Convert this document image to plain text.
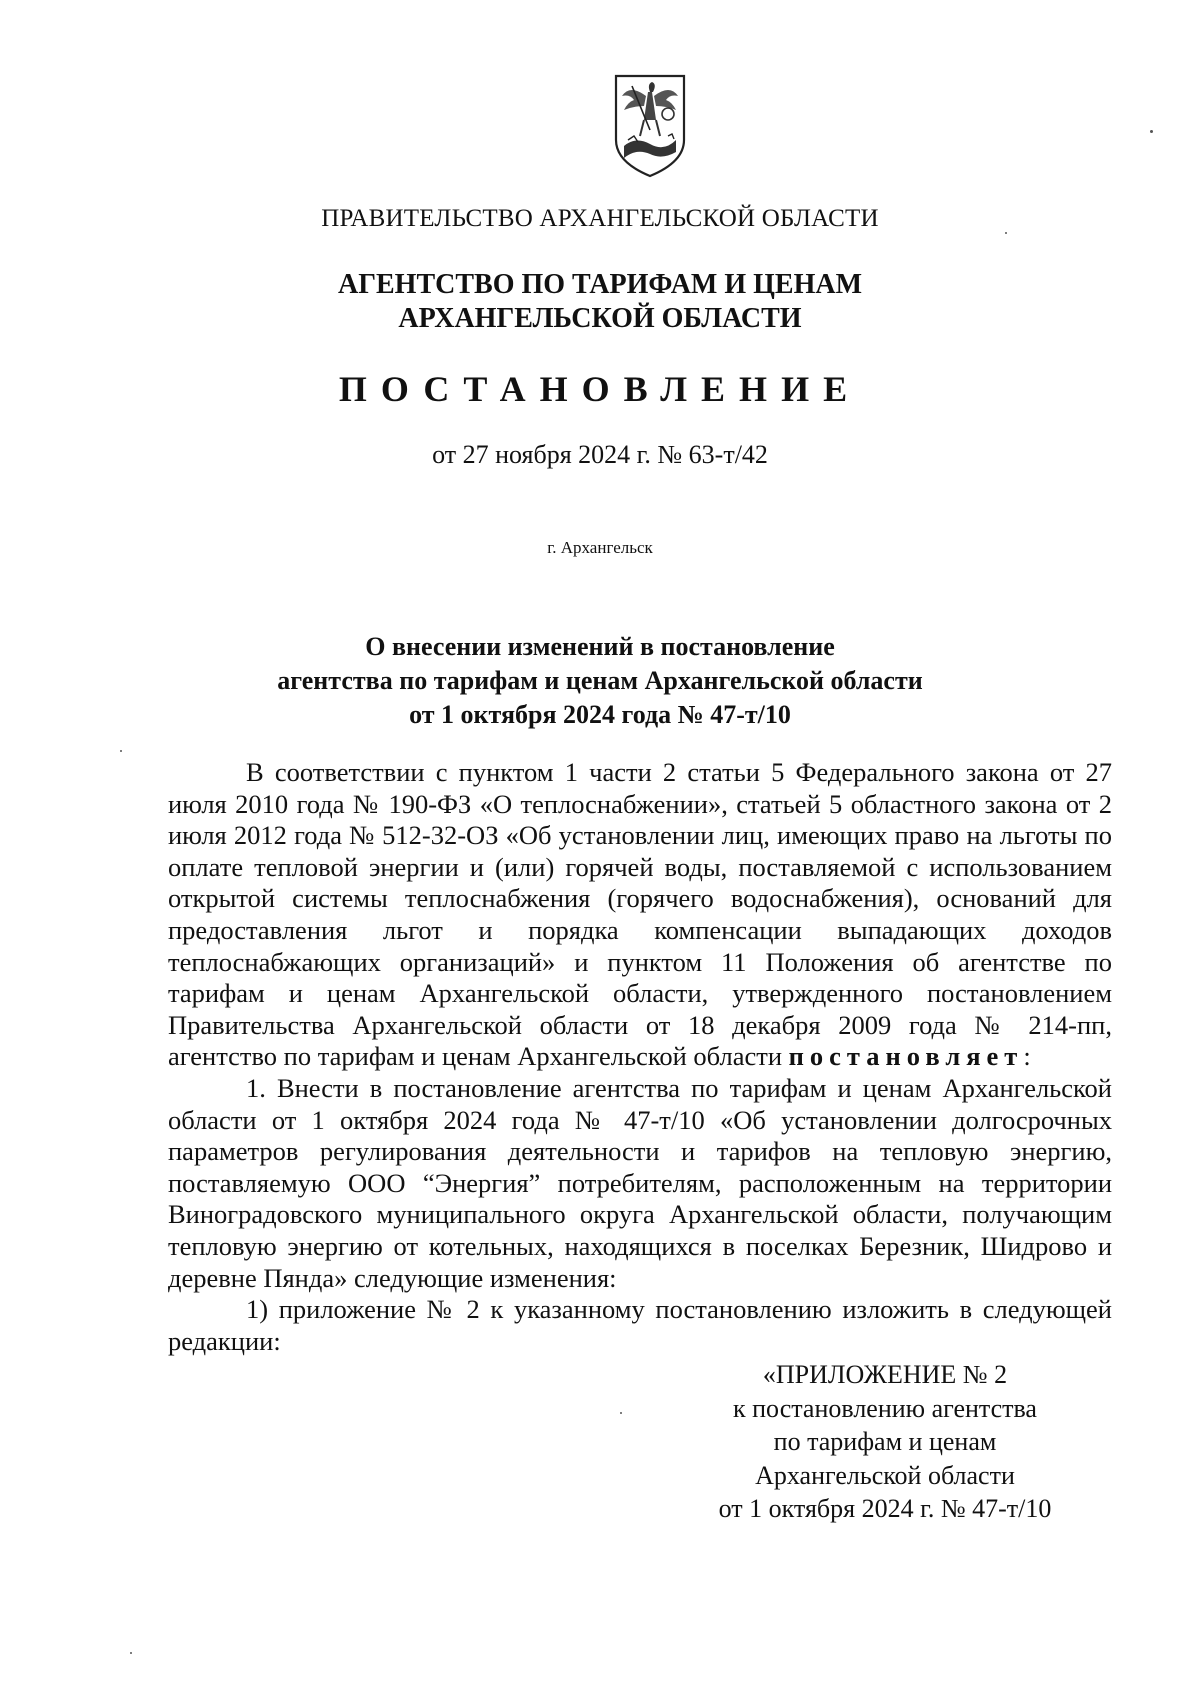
ПРАВИТЕЛЬСТВО АРХАНГЕЛЬСКОЙ ОБЛАСТИ
АГЕНТСТВО ПО ТАРИФАМ И ЦЕНАМ
АРХАНГЕЛЬСКОЙ ОБЛАСТИ
ПОСТАНОВЛЕНИЕ
от 27 ноября 2024 г. № 63-т/42
г. Архангельск
О внесении изменений в постановление
агентства по тарифам и ценам Архангельской области
от 1 октября 2024 года № 47-т/10

В соответствии с пунктом 1 части 2 статьи 5 Федерального закона от 27 июля 2010 года № 190-ФЗ «О теплоснабжении», статьей 5 областного закона от 2 июля 2012 года № 512-32-ОЗ «Об установлении лиц, имеющих право на льготы по оплате тепловой энергии и (или) горячей воды, поставляемой с использованием открытой системы теплоснабжения (горячего водоснабжения), оснований для предоставления льгот и порядка компенсации выпадающих доходов теплоснабжающих организаций» и пунктом 11 Положения об агентстве по тарифам и ценам Архангельской области, утвержденного постановлением Правительства Архангельской области от 18 декабря 2009 года № 214-пп, агентство по тарифам и ценам Архангельской области постановляет:

1. Внести в постановление агентства по тарифам и ценам Архангельской области от 1 октября 2024 года № 47-т/10 «Об установлении долгосрочных параметров регулирования деятельности и тарифов на тепловую энергию, поставляемую ООО “Энергия” потребителям, расположенным на территории Виноградовского муниципального округа Архангельской области, получающим тепловую энергию от котельных, находящихся в поселках Березник, Шидрово и деревне Пянда» следующие изменения:

1) приложение № 2 к указанному постановлению изложить в следующей редакции:

«ПРИЛОЖЕНИЕ № 2
к постановлению агентства
по тарифам и ценам
Архангельской области
от 1 октября 2024 г. № 47-т/10
